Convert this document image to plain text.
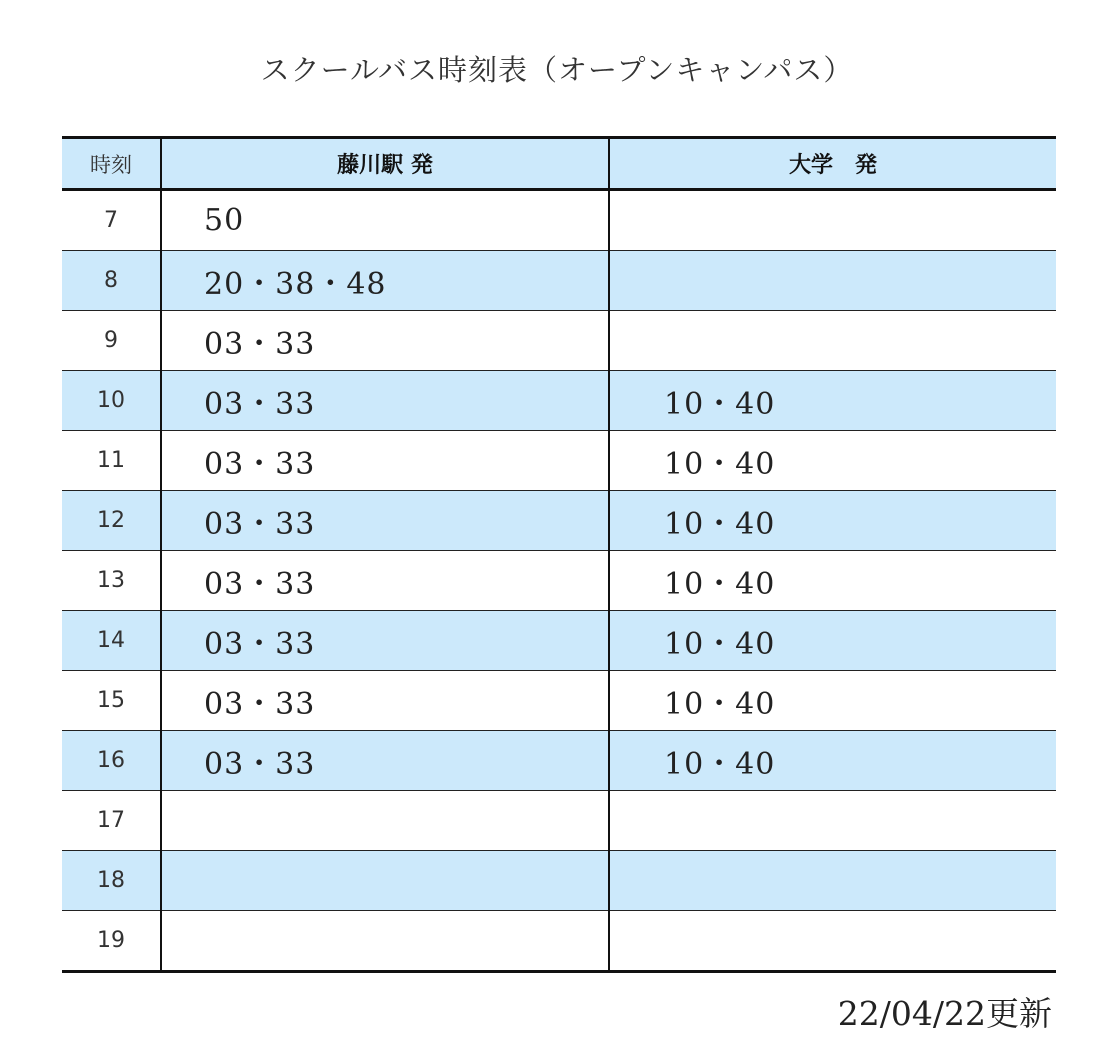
スクールバス時刻表（オープンキャンパス）
時刻	藤川駅 発	大学　発
7	50	
8	20・38・48	
9	03・33	
10	03・33	10・40
11	03・33	10・40
12	03・33	10・40
13	03・33	10・40
14	03・33	10・40
15	03・33	10・40
16	03・33	10・40
17		
18		
19		
22/04/22更新
